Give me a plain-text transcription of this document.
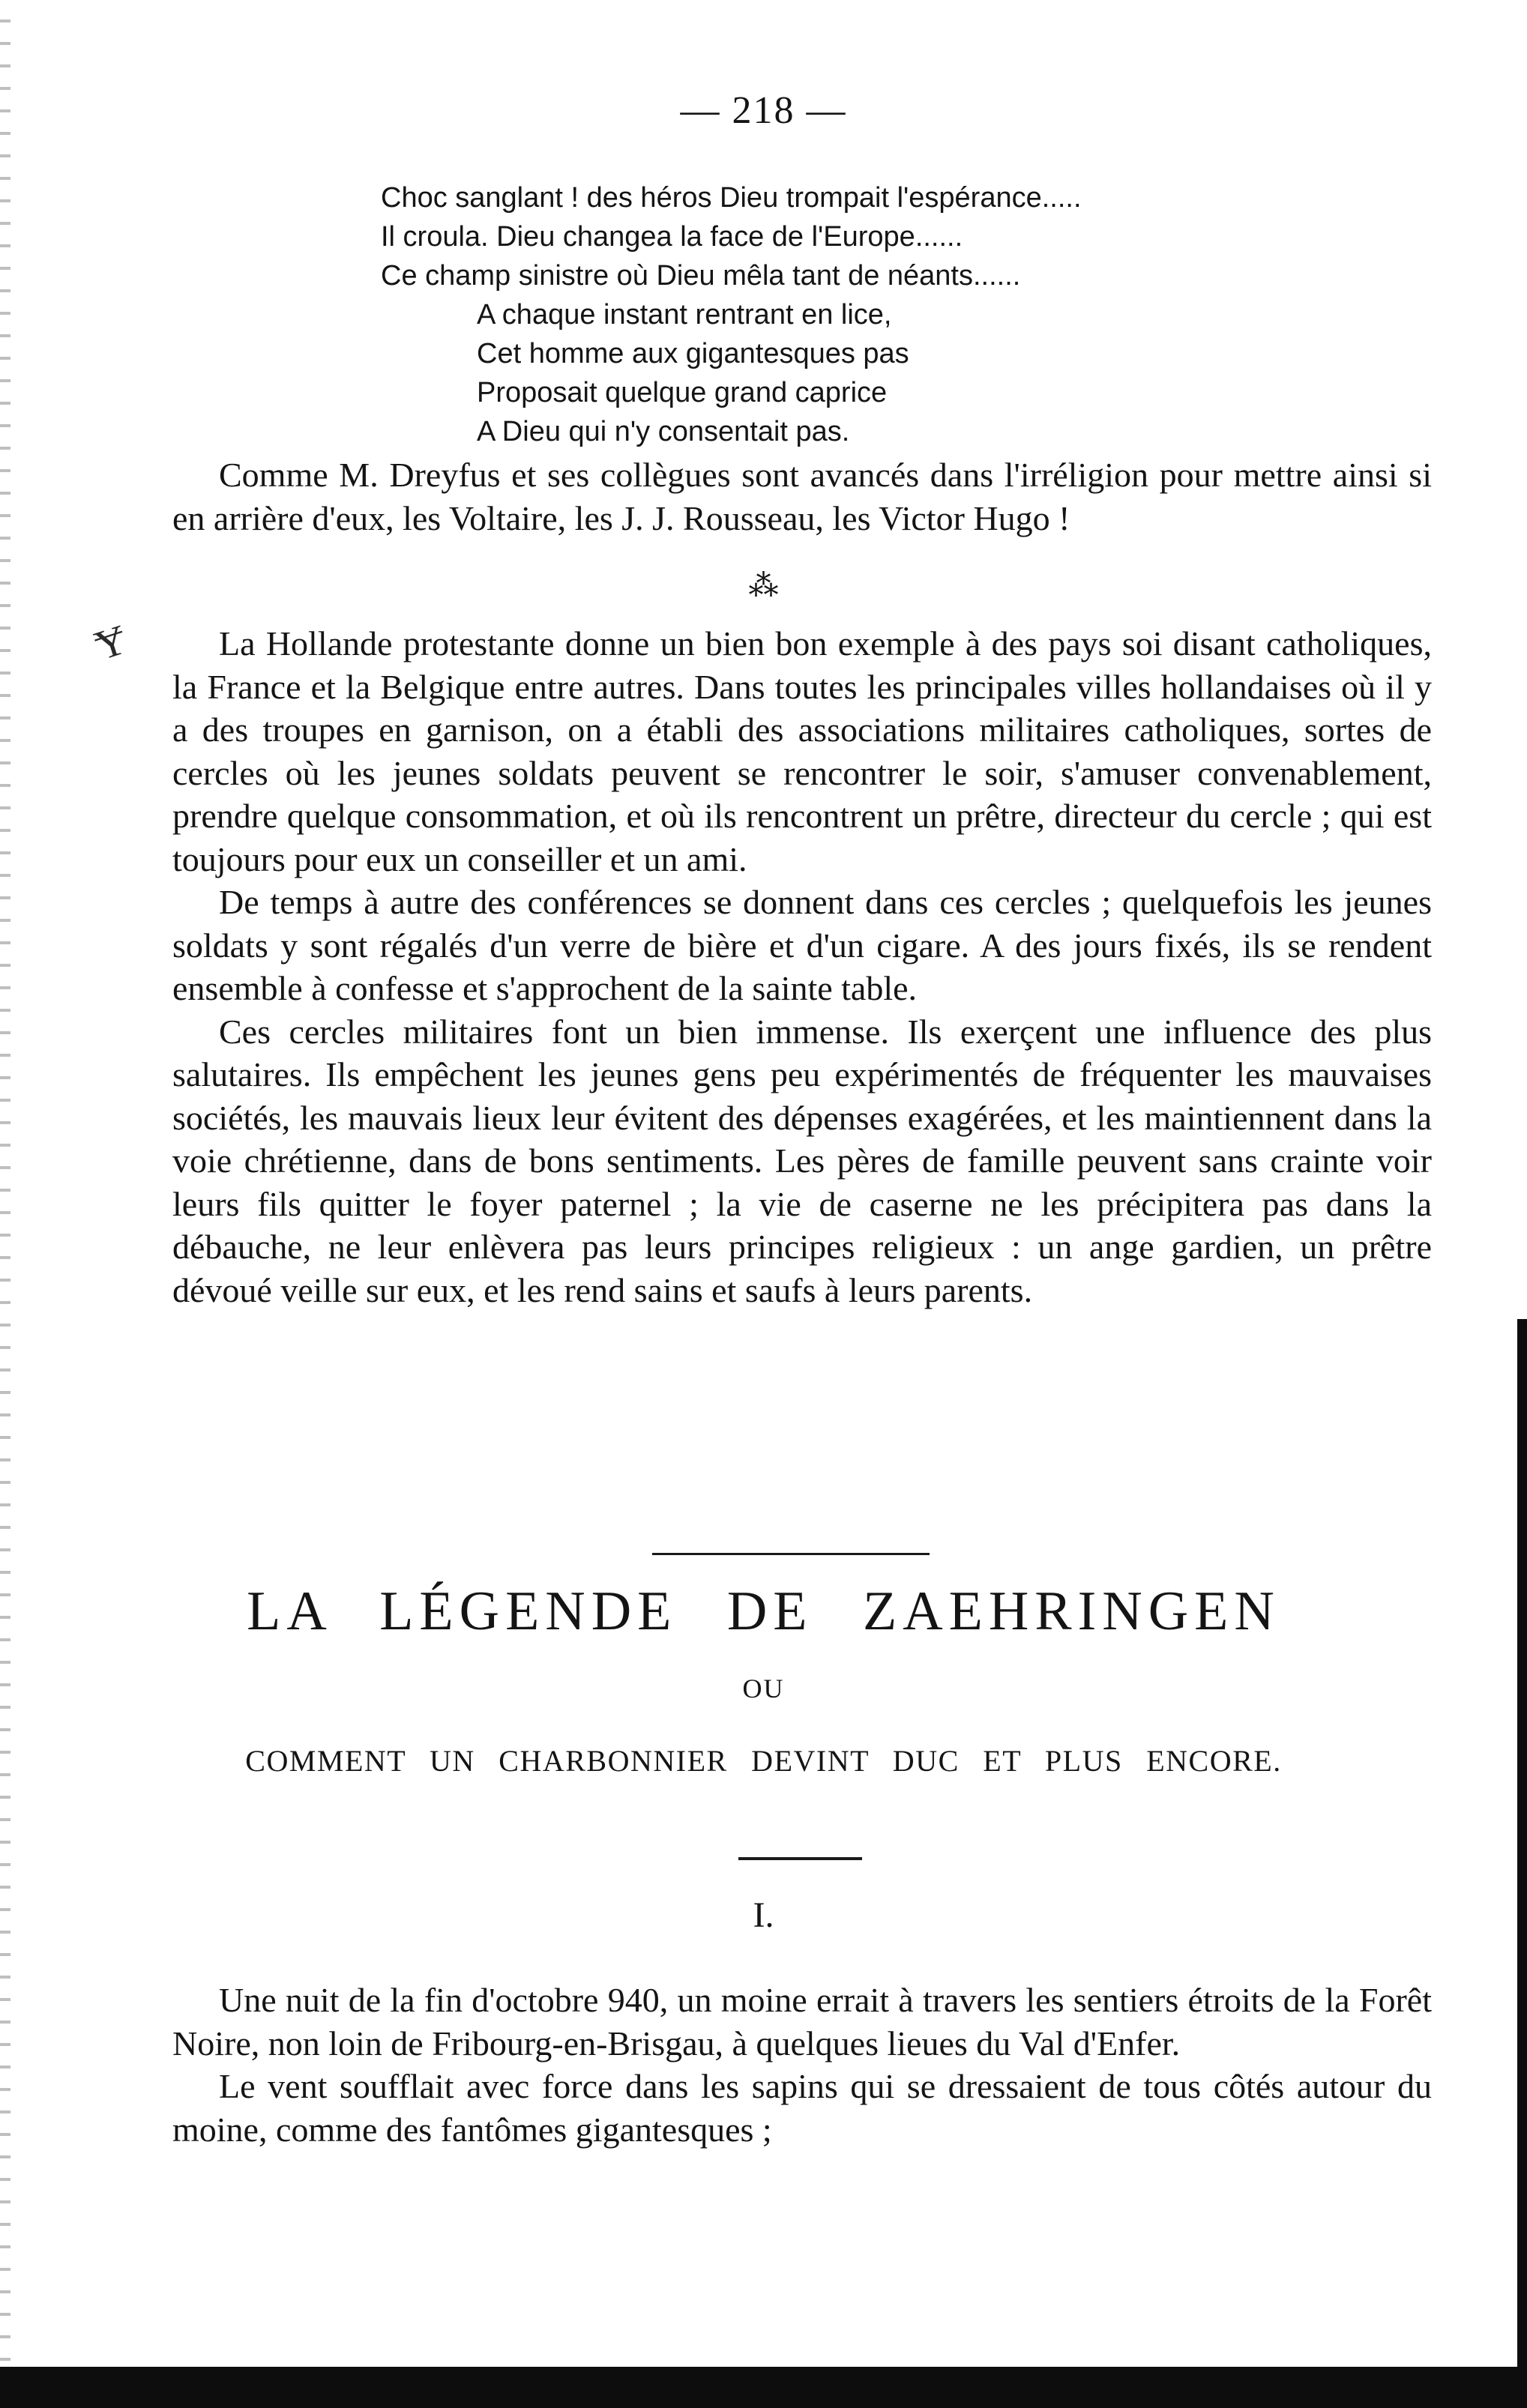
— 218 —
Choc sanglant ! des héros Dieu trompait l'espérance.....
Il croula. Dieu changea la face de l'Europe......
Ce champ sinistre où Dieu mêla tant de néants......
A chaque instant rentrant en lice,
Cet homme aux gigantesques pas
Proposait quelque grand caprice
A Dieu qui n'y consentait pas.

Comme M. Dreyfus et ses collègues sont avancés dans l'irréligion pour mettre ainsi si en arrière d'eux, les Voltaire, les J. J. Rousseau, les Victor Hugo !

⁂
Ɏ	La Hollande protestante donne un bien bon exemple à des pays soi disant catholiques, la France et la Belgique entre autres. Dans toutes les principales villes hollandaises où il y a des troupes en garnison, on a établi des associations militaires catholiques, sortes de cercles où les jeunes soldats peuvent se rencontrer le soir, s'amuser convenablement, prendre quelque consommation, et où ils rencontrent un prêtre, directeur du cercle ; qui est toujours pour eux un conseiller et un ami.

De temps à autre des conférences se donnent dans ces cercles ; quelquefois les jeunes soldats y sont régalés d'un verre de bière et d'un cigare. A des jours fixés, ils se rendent ensemble à confesse et s'approchent de la sainte table.

Ces cercles militaires font un bien immense. Ils exerçent une influence des plus salutaires. Ils empêchent les jeunes gens peu expérimentés de fréquenter les mauvaises sociétés, les mauvais lieux leur évitent des dépenses exagérées, et les maintiennent dans la voie chrétienne, dans de bons sentiments. Les pères de famille peuvent sans crainte voir leurs fils quitter le foyer paternel ; la vie de caserne ne les précipitera pas dans la débauche, ne leur enlèvera pas leurs principes religieux : un ange gardien, un prêtre dévoué veille sur eux, et les rend sains et saufs à leurs parents.

LA LÉGENDE DE ZAEHRINGEN
OU
COMMENT UN CHARBONNIER DEVINT DUC ET PLUS ENCORE.
I.

Une nuit de la fin d'octobre 940, un moine errait à travers les sentiers étroits de la Forêt Noire, non loin de Fribourg-en-Brisgau, à quelques lieues du Val d'Enfer.

Le vent soufflait avec force dans les sapins qui se dressaient de tous côtés autour du moine, comme des fantômes gigantesques ;
